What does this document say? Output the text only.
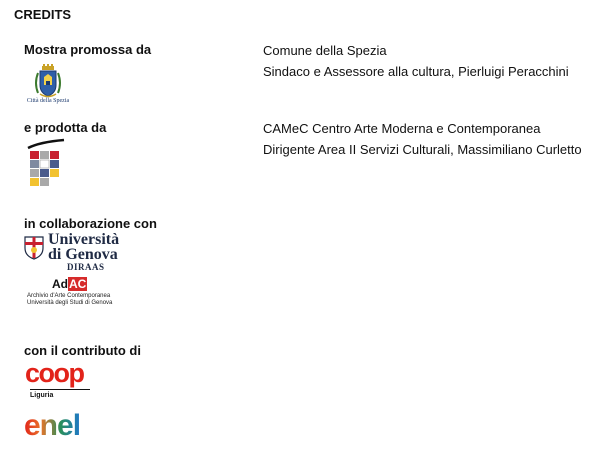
CREDITS
Mostra promossa da
Città della Spezia
Comune della Spezia
Sindaco e Assessore alla cultura, Pierluigi Peracchini
e prodotta da	CAMeC Centro Arte Moderna e Contemporanea
Dirigente Area II Servizi Culturali, Massimiliano Curletto
in collaborazione con
Università
di Genova
DIRAAS
AdAC
Archivio d'Arte Contemporanea
Università degli Studi di Genova
con il contributo di
coop
Liguria
enel
